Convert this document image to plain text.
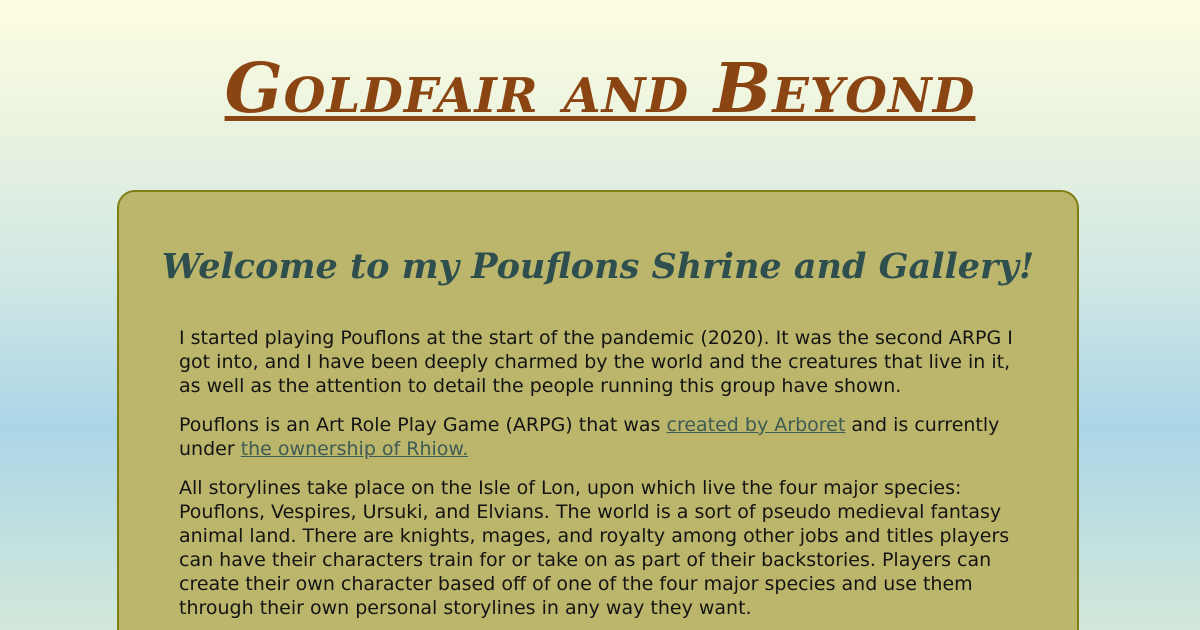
Goldfair and Beyond
Welcome to my Pouflons Shrine and Gallery!

I started playing Pouflons at the start of the pandemic (2020). It was the second ARPG I got into, and I have been deeply charmed by the world and the creatures that live in it, as well as the attention to detail the people running this group have shown.

Pouflons is an Art Role Play Game (ARPG) that was created by Arboret and is currently under the ownership of Rhiow.

All storylines take place on the Isle of Lon, upon which live the four major species: Pouflons, Vespires, Ursuki, and Elvians. The world is a sort of pseudo medieval fantasy animal land. There are knights, mages, and royalty among other jobs and titles players can have their characters train for or take on as part of their backstories. Players can create their own character based off of one of the four major species and use them through their own personal storylines in any way they want.
